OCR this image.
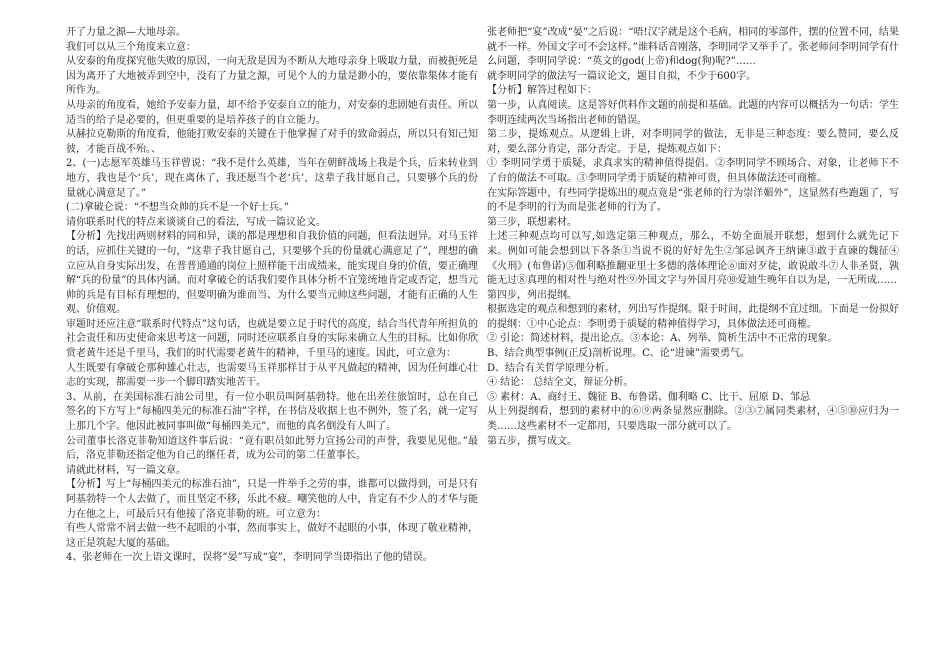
开了力量之源—大地母亲。

我们可以从三个角度来立意：

从安泰的角度探究他失败的原因，一向无敌是因为不断从大地母亲身上吸取力量，而被扼死是因为离开了大地被弄到空中，没有了力量之源，可见个人的力量是渺小的，要依靠集体才能有所作为。

从母亲的角度看，她给予安泰力量，却不给予安泰自立的能力，对安泰的悲剧她有责任。所以适当的给子是必要的，但更重要的是培养孩子的自立能力。

从赫拉克勒斯的角度看，他能打败安泰的关键在于他掌握了对手的致命弱点，所以只有知己知彼，才能百战不殆。、

2、(一)志愿军英雄马玉祥曾说：“我不是什么英雄，当年在朝鲜战场上我是个兵，后来转业到地方，我也是个‘兵’，现在离休了，我还愿当个老‘兵’，这辈子我甘愿自己，只要够个兵的份量就心满意足了。”

(二)拿破仑说：“不想当众帅的兵不是一个好士兵。”

请你联系时代的特点来谈谈自己的看法，写成一篇议论文。

【分析】先找出两则材料的同和异，谈的都是理想和自我价值的问题，但看法迥异。对马玉祥的话，应抓住关键的一句，“这辈子我甘愿自己，只要够个兵的份量就心满意足了”，理想的确立应从自身实际出发，在普普通通的岗位上照样能干出成绩来，能实现自身的价值，要正确理解“兵的份量”的具体内涵。而对拿破仑的话我们要作具体分析不宜笼统地肯定或否定，想当元帅的兵是有目标有理想的，但要明确为谁而当、为什么要当元帅这些问题，才能有正确的人生观、价值观。

审题时还应注意“联系时代特点”这句话，也就是要立足于时代的高度，结合当代青年所担负的社会责任和历史使命来思考这一问题，同时还应联系自身的实际来确立人生的目标。比如你欣赏老黄牛还是千里马，我们的时代需要老黄牛的精神，千里马的速度。因此，可立意为：

人生既要有拿破仑那种雄心壮志，也需要马玉祥那样甘于从平凡做起的精神，因为任何雄心壮志的实现，都需要一步一个脚印踏实地苦干。

3、从前，在美国标准石油公司里，有一位小职员叫阿基勃特。他在出差住旅馆时，总在自己签名的下方写上“每桶四美元的标准石油”字样，在书信及收据上也不例外，签了名，就一定写上那几个字。他因此被同事叫做“每桶四美元”，而他的真名倒没有人叫了。

公司董事长洛克菲勒知道这件事后说：“竟有职员如此努力宣扬公司的声誉，我要见见他。”最后，洛克菲勒还指定他为自己的继任者，成为公司的第二任董事长。

请就此材料，写一篇文章。

【分析】写上“每桶四美元的标准石油”，只是一件举手之劳的事，谁都可以做得到，可是只有阿基勃特一个人去做了，而且坚定不移，乐此不疲。嘲笑他的人中，肯定有不少人的才华与能力在他之上，可最后只有他接了洛克菲勒的班。可立意为：

有些人常常不屑去做一些不起眼的小事，然而事实上，做好不起眼的小事，体现了敬业精神，这正是筑起大厦的基础。

4、张老师在一次上语文课时，误将“晏”写成“宴”，李明同学当即指出了他的错误。

张老师把“宴”改成“晏”之后说：“唔!汉字就是这个毛病，相同的零部件，摆的位置不同，结果就不一样。外国文字可不会这样。”谁料话音刚落，李明同学又举手了。张老师问李明同学有什么问题，李明同学说：“英文的god(上帝)和dog(狗)呢?”……

就李明同学的做法写一篇议论文，题目自拟，不少于600字。

【分析】解答过程如下：

第一步，认真阅读。这是答好供料作文题的前提和基础。此题的内容可以概括为一句话：学生李明连续两次当场指出老师的错误。

第二步，提炼观点。从逻辑上讲，对李明同学的做法，无非是三种态度：要么赞同，要么反对，要么部分肯定，部分否定。于是，提炼观点如下：

① 李明同学勇于质疑，求真求实的精神值得提倡。②李明同学不顾场合、对象，让老师下不了台的做法不可取。③李明同学勇于质疑的精神可贵，但具体做法还可商榷。

在实际答题中，有些同学提炼出的观点竟是“张老师的行为崇洋媚外”，这显然有些跑题了，写的不是李明的行为而是张老师的行为了。

第三步，联想素材。

上述三种观点均可以写,如选定第三种观点，那么，不妨全面展开联想，想到什么就先记下来。例如可能会想到以下各条①当说不说的好好先生②邹忌讽齐王纳谏③敢于直谏的魏征④《火刑》(布鲁诺)⑤伽利略推翻亚里士多德的落体理论⑥面对歹徒，敢说敢斗⑦人非圣贤，孰能无过⑧真理的相对性与绝对性⑨外国文字与外国月亮⑩爱迪生晚年自以为是，一无所成……

第四步，列出提纲。

根据选定的观点和想到的素材，列出写作提纲。限于时间，此提纲不宜过细。下面是一份拟好的提纲：①中心论点：李明勇于质疑的精神值得学习，具体做法还可商榷。

② 引论：简述材料，提出论点。③本论：A、列举、简析生活中不正常的现象。

B、结合典型事例(正反)剖析说理。C、论“进谏”需要勇气。

D、结合有关哲学原理分析。

④ 结论： 总结全文，辩证分析。

⑤ 素材：A、商纣王、魏征 B、布鲁诺、伽利略 C、比干、屈原 D、邹忌

从上列提纲看，想到的素材中的⑥⑨两条显然应删除。②③⑦属同类素材，④⑤⑩应归为一类……这些素材不一定都用，只要选取一部分就可以了。

第五步，撰写成文。
